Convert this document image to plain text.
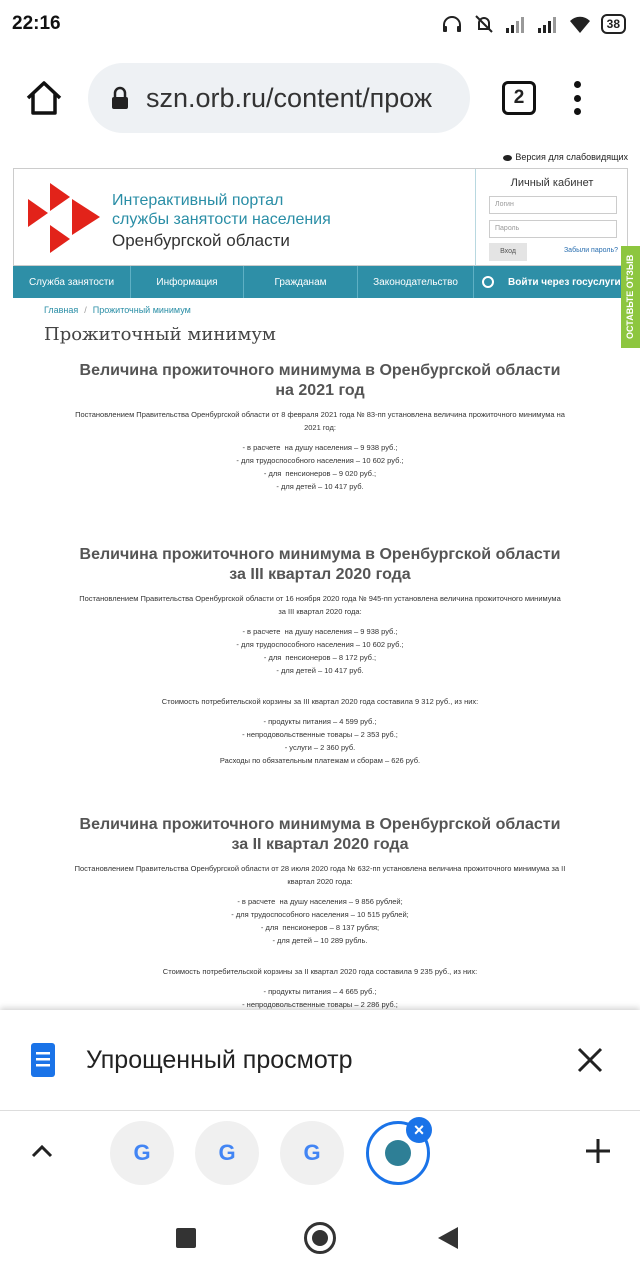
22:16	38
szn.orb.ru/content/прож	2
Версия для слабовидящих
Интерактивный портал
службы занятости населения
Оренбургской области
Личный кабинет
Логин
Пароль
Вход	Забыли пароль?
Служба занятости	Информация	Гражданам	Законодательство	Войти через госуслуги ОСТАВЬТЕ ОТЗЫВ
Главная / Прожиточный минимум
Прожиточный минимум
Величина прожиточного минимума в Оренбургской области
на 2021 год
Постановлением Правительства Оренбургской области от 8 февраля 2021 года № 83-пп установлена величина прожиточного минимума на
2021 год:
- в расчете  на душу населения – 9 938 руб.;
- для трудоспособного населения – 10 602 руб.;
- для  пенсионеров – 9 020 руб.;
- для детей – 10 417 руб.
Величина прожиточного минимума в Оренбургской области
за III квартал 2020 года
Постановлением Правительства Оренбургской области от 16 ноября 2020 года № 945-пп установлена величина прожиточного минимума
за III квартал 2020 года:
- в расчете  на душу населения – 9 938 руб.;
- для трудоспособного населения – 10 602 руб.;
- для  пенсионеров – 8 172 руб.;
- для детей – 10 417 руб.
Стоимость потребительской корзины за III квартал 2020 года составила 9 312 руб., из них:
- продукты питания – 4 599 руб.;
- непродовольственные товары – 2 353 руб.;
- услуги – 2 360 руб.
Расходы по обязательным платежам и сборам – 626 руб.
Величина прожиточного минимума в Оренбургской области
за II квартал 2020 года
Постановлением Правительства Оренбургской области от 28 июля 2020 года № 632-пп установлена величина прожиточного минимума за II
квартал 2020 года:
- в расчете  на душу населения – 9 856 рублей;
- для трудоспособного населения – 10 515 рублей;
- для  пенсионеров – 8 137 рубля;
- для детей – 10 289 рубль.
Стоимость потребительской корзины за II квартал 2020 года составила 9 235 руб., из них:
- продукты питания – 4 665 руб.;
- непродовольственные товары – 2 286 руб.;
Упрощенный просмотр
G	G	G
×
